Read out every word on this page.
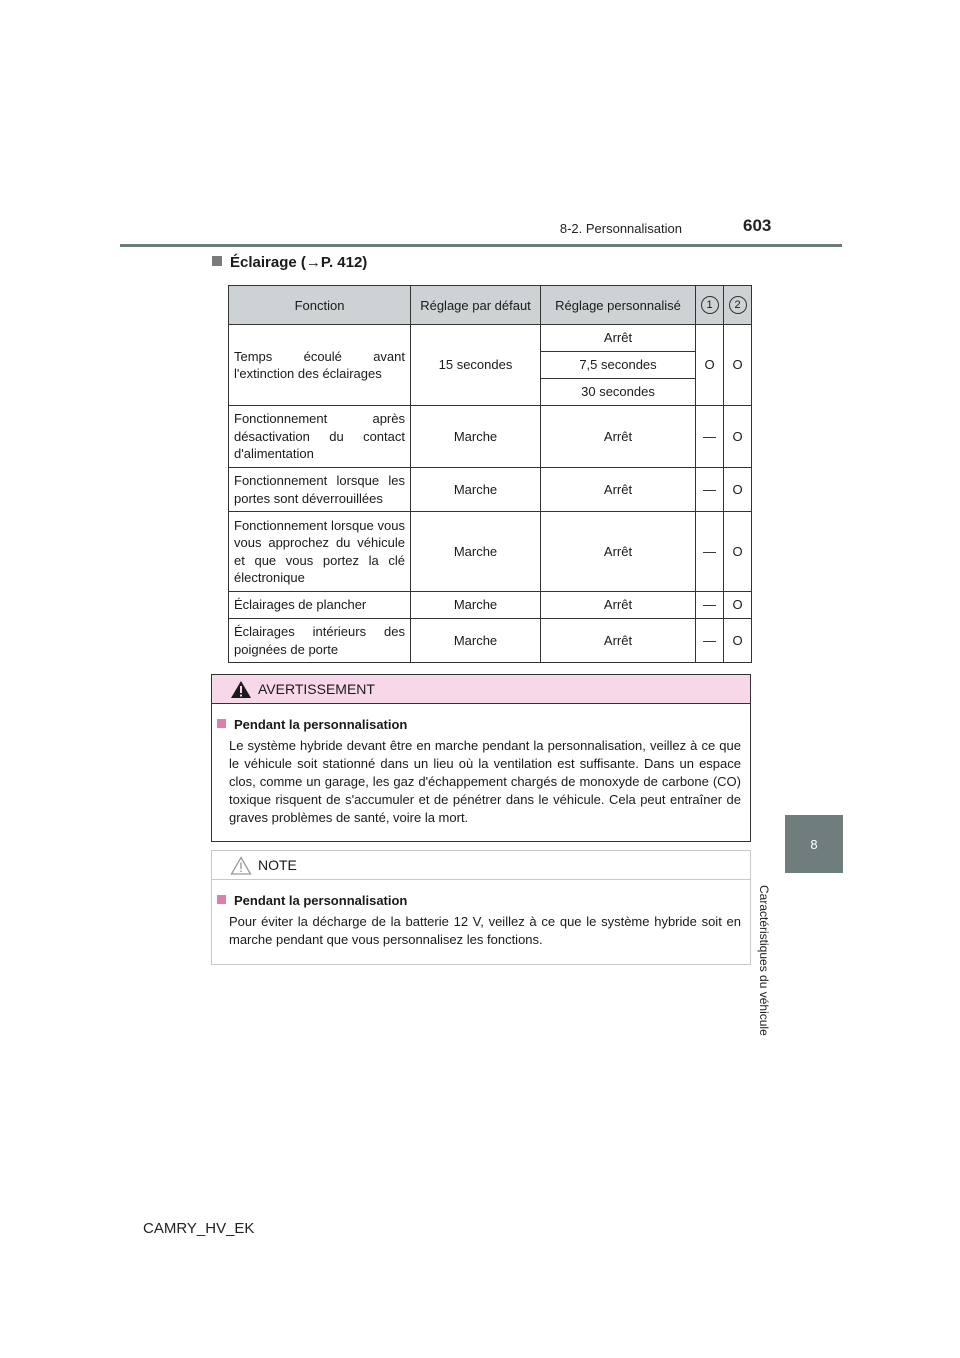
8-2. Personnalisation	603
8
Caractéristiques du véhicule
Éclairage (→P. 412)
Fonction	Réglage par défaut	Réglage personnalisé	1	2
Temps écoulé avant l'extinction des éclairages	15 secondes	Arrêt	O	O
		7,5 secondes		
		30 secondes		
Fonctionnement après désactivation du contact d'alimentation	Marche	Arrêt	—	O
Fonctionnement lorsque les portes sont déverrouillées	Marche	Arrêt	—	O
Fonctionnement lorsque vous vous approchez du véhicule et que vous portez la clé électronique	Marche	Arrêt	—	O
Éclairages de plancher	Marche	Arrêt	—	O
Éclairages intérieurs des poignées de porte	Marche	Arrêt	—	O
AVERTISSEMENT
Pendant la personnalisation
Le système hybride devant être en marche pendant la personnalisation, veillez à ce que le véhicule soit stationné dans un lieu où la ventilation est suffisante. Dans un espace clos, comme un garage, les gaz d'échappement chargés de monoxyde de carbone (CO) toxique risquent de s'accumuler et de pénétrer dans le véhicule. Cela peut entraîner de graves problèmes de santé, voire la mort.
NOTE
Pendant la personnalisation
Pour éviter la décharge de la batterie 12 V, veillez à ce que le système hybride soit en marche pendant que vous personnalisez les fonctions.
CAMRY_HV_EK
